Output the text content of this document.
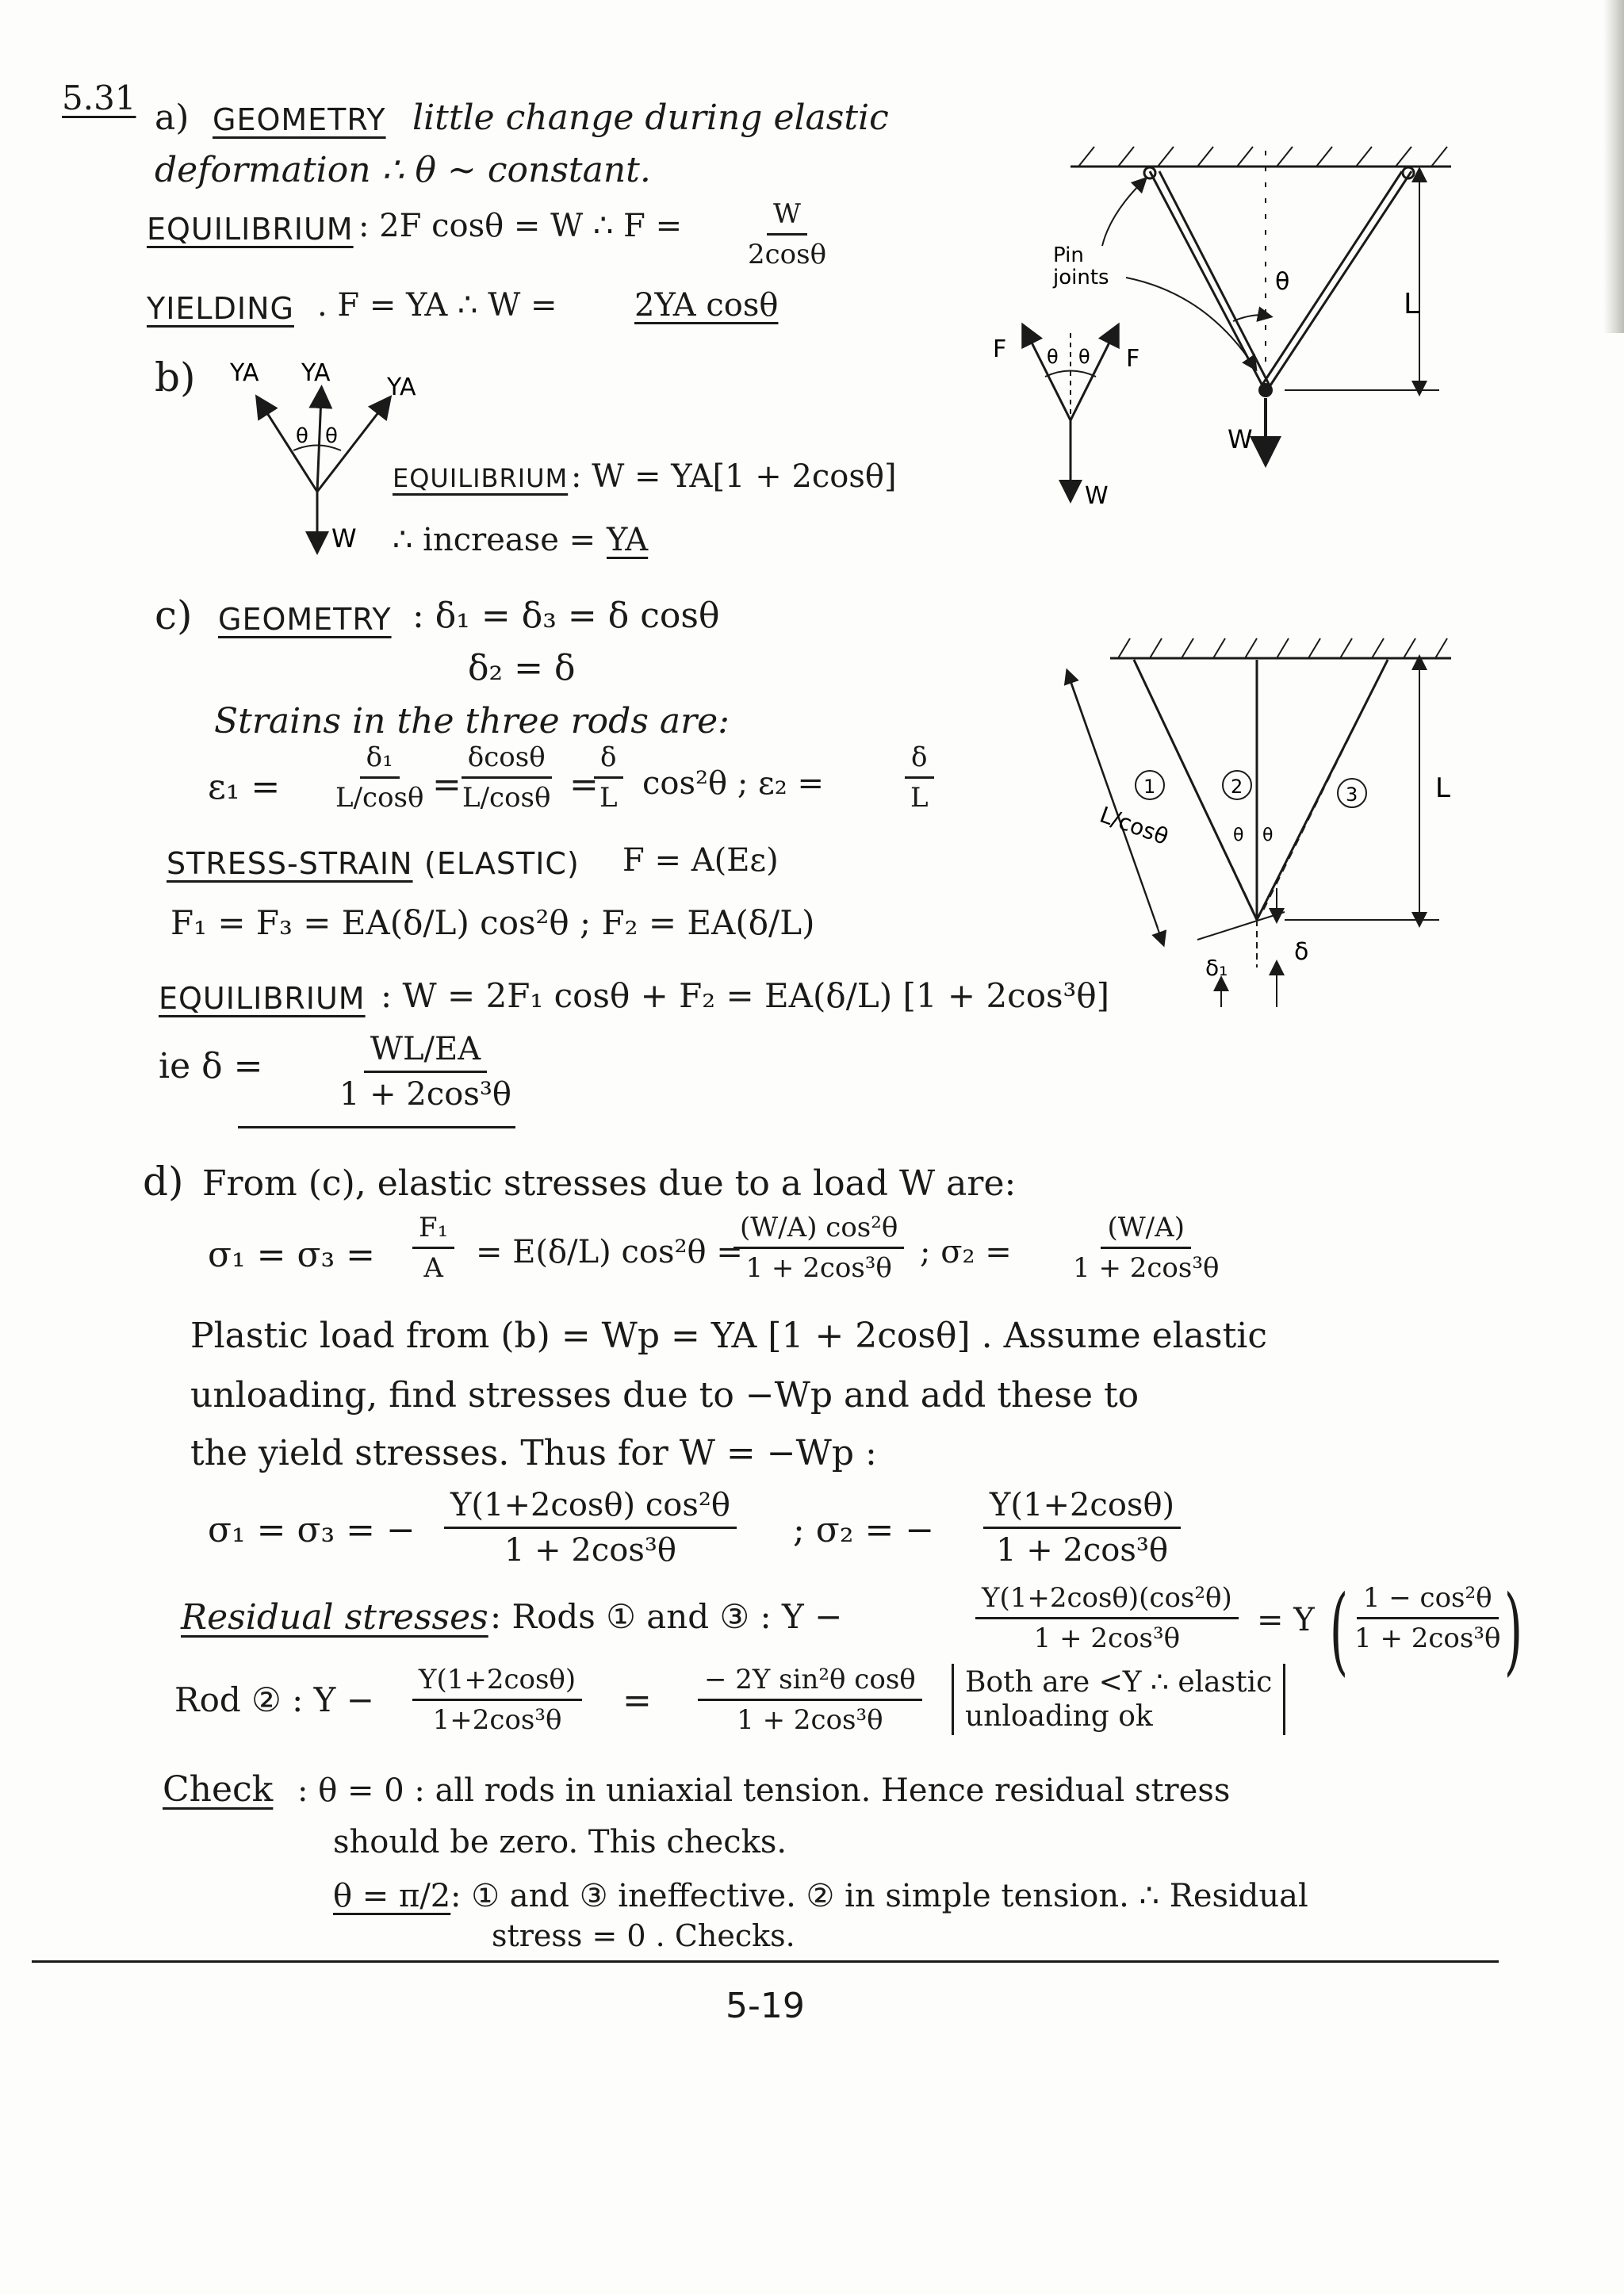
5.31 a) GEOMETRY little change during elastic
deformation ∴ θ ~ constant.
EQUILIBRIUM : 2F cosθ = W ∴ $F = \frac{W}{2\cos\theta}$
YIELDING . F = YA ∴ W = 2YA cosθ
b) YA YA
YA
θ θ
W
EQUILIBRIUM : W = YA[1 + 2cosθ]
∴ increase = YA
c) GEOMETRY : δ₁ = δ₃ = δ cosθ
δ₂ = δ
Strains in the three rods are:
$\varepsilon_1 = \frac{\text{δ₁}}{L/\cos\theta}$ =
$\frac{\delta\cos\theta}{L/\cos\theta}$ =
$\frac{\delta}{L} \cos^2\theta$ ; ε₂ =	$\frac{\delta}{L}$
STRESS-STRAIN (ELASTIC) F = A(Eε)
F₁ = F₃ = EA(δ/L) cos²θ ; F₂ = EA(δ/L)
EQUILIBRIUM : W = 2F₁ cosθ + F₂ = EA(δ/L) [1 + 2cos³θ]
ie $\delta = \frac{WL/EA}{\text{1 + 2cos³θ}}$
d) From (c), elastic stresses due to a load W are:
$\sigma_1 = \sigma_3 = \frac{\text{F₁}}{A} = E(\delta/L) \cos^2\theta$ =
$\frac{\text{(W/A) cos²θ}}{\text{1 + 2cos³θ}}$ ; $\sigma_2 = \frac{(W/A)}{\text{1 + 2cos³θ}}$
Plastic load from (b) = Wp = YA [1 + 2cosθ] . Assume elastic
unloading, find stresses due to −Wp and add these to
the yield stresses. Thus for W = −Wp :
σ₁ = σ₃ = − $\frac{\text{Y(1+2cosθ) cos²θ}}{\text{1 + 2cos³θ}}$ ; σ₂ = − $\frac{Y(1+2\cos\theta)}{\text{1 + 2cos³θ}}$
Residual stresses : Rods ① and ③ : Y −	$\frac{\text{Y(1+2cosθ)(cos²θ)}}{\text{1 + 2cos³θ}} = Y$ ( $\frac{\text{1 − cos²θ}}{\text{1 + 2cos³θ}}$
)
Rod ② : $Y - \frac{Y(1+2\cos\theta)}{\text{1+2cos³θ}} = \frac{\text{− 2Y sin²θ cosθ}}{\text{1 + 2cos³θ}}$ Both are <Y ∴ elastic
unloading ok
Check : θ = 0 : all rods in uniaxial tension. Hence residual stress
should be zero. This checks.
θ = π/2 : ① and ③ ineffective. ② in simple tension. ∴ Residual
stress = 0 . Checks.
5-19
θ
L
W
Pin
joints
F	F
θ θ
W
1	2	3
θ θ
L/cosθ
L
δ
δ₁
